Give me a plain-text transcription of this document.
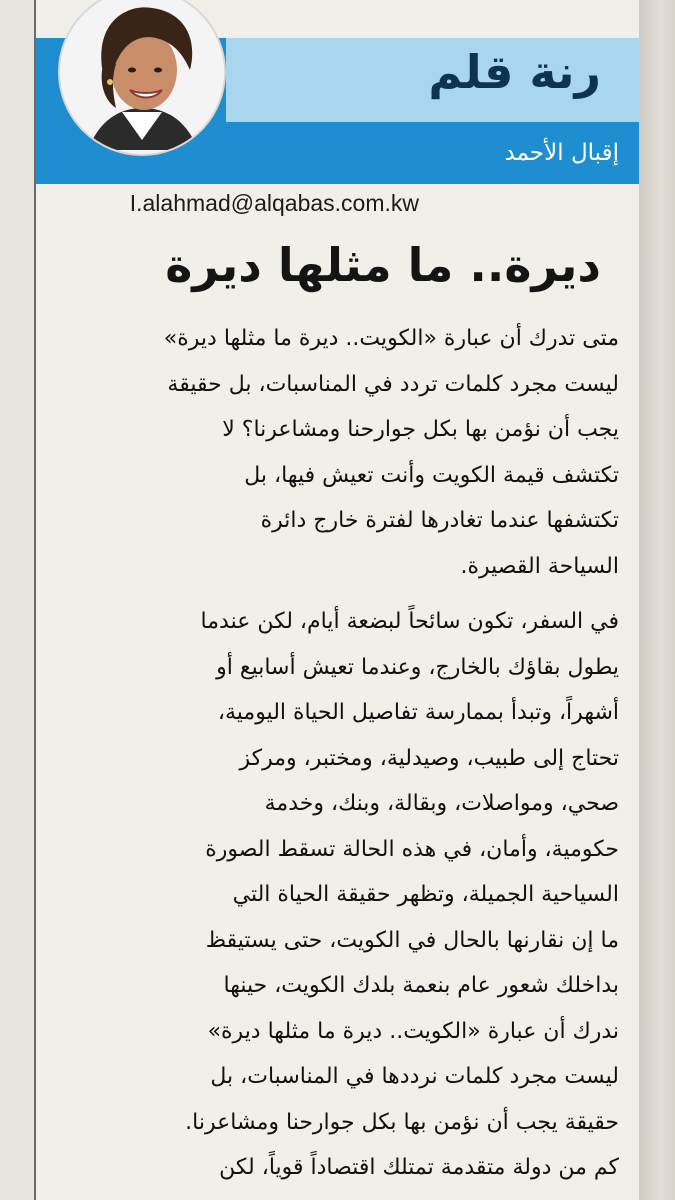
رنة قلم
إقبال الأحمد
I.alahmad@alqabas.com.kw
ديرة.. ما مثلها ديرة
متى تدرك أن عبارة «الكويت.. ديرة ما مثلها ديرة»
ليست مجرد كلمات تردد في المناسبات، بل حقيقة
يجب أن نؤمن بها بكل جوارحنا ومشاعرنا؟ لا
تكتشف قيمة الكويت وأنت تعيش فيها، بل
تكتشفها عندما تغادرها لفترة خارج دائرة
السياحة القصيرة.
في السفر، تكون سائحاً لبضعة أيام، لكن عندما
يطول بقاؤك بالخارج، وعندما تعيش أسابيع أو
أشهراً، وتبدأ بممارسة تفاصيل الحياة اليومية،
تحتاج إلى طبيب، وصيدلية، ومختبر، ومركز
صحي، ومواصلات، وبقالة، وبنك، وخدمة
حكومية، وأمان، في هذه الحالة تسقط الصورة
السياحية الجميلة، وتظهر حقيقة الحياة التي
ما إن نقارنها بالحال في الكويت، حتى يستيقظ
بداخلك شعور عام بنعمة بلدك الكويت، حينها
ندرك أن عبارة «الكويت.. ديرة ما مثلها ديرة»
ليست مجرد كلمات نرددها في المناسبات، بل
حقيقة يجب أن نؤمن بها بكل جوارحنا ومشاعرنا.
كم من دولة متقدمة تمتلك اقتصاداً قوياً، لكن
